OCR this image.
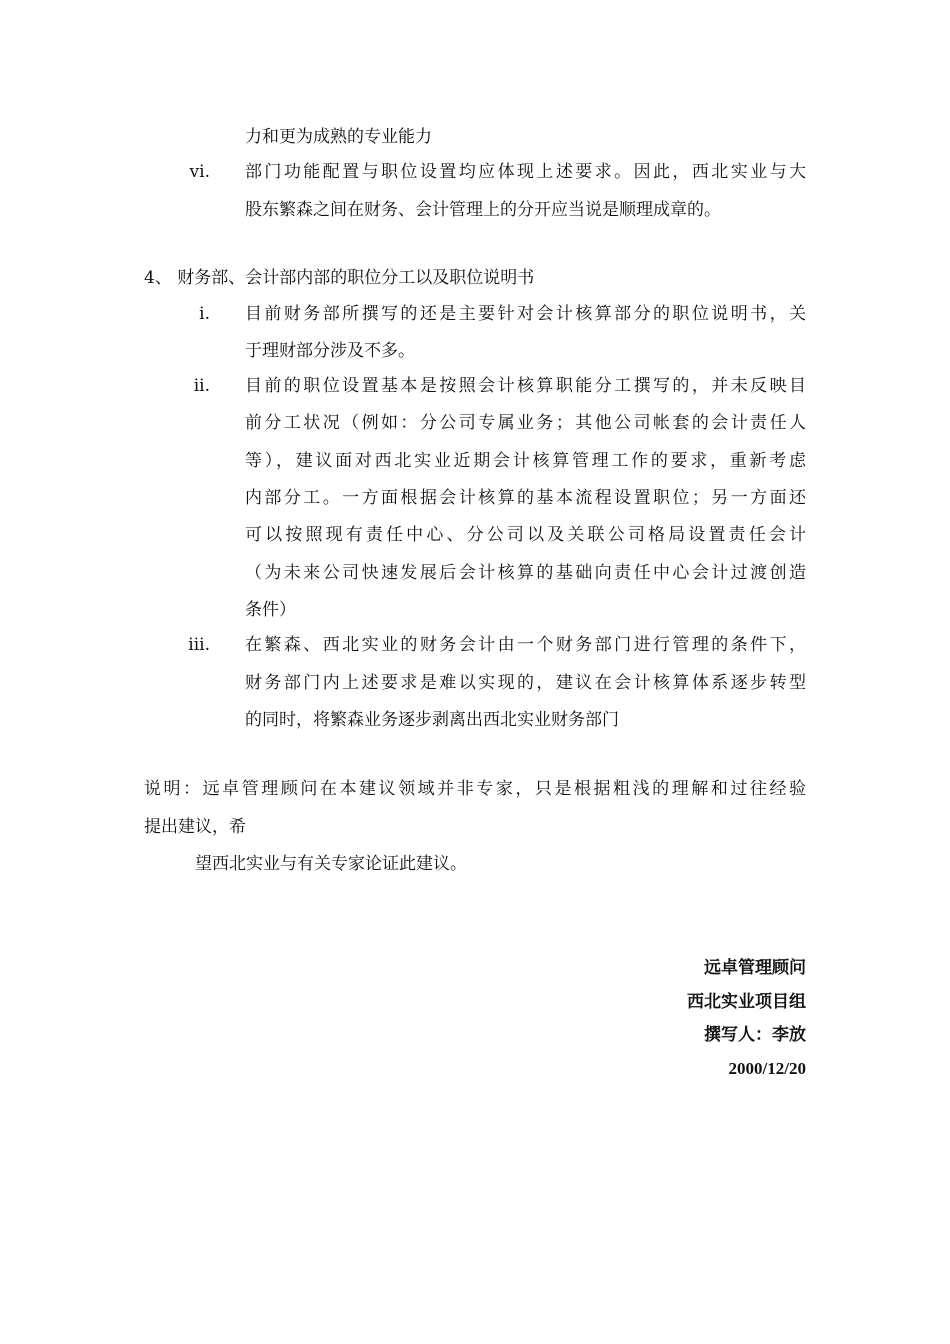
力和更为成熟的专业能力
vi. 部门功能配置与职位设置均应体现上述要求。因此，西北实业与大
股东繁森之间在财务、会计管理上的分开应当说是顺理成章的。
4、 财务部、会计部内部的职位分工以及职位说明书
i. 目前财务部所撰写的还是主要针对会计核算部分的职位说明书，关
于理财部分涉及不多。
ii. 目前的职位设置基本是按照会计核算职能分工撰写的，并未反映目
前分工状况（例如：分公司专属业务；其他公司帐套的会计责任人
等），建议面对西北实业近期会计核算管理工作的要求，重新考虑
内部分工。一方面根据会计核算的基本流程设置职位；另一方面还
可以按照现有责任中心、分公司以及关联公司格局设置责任会计
（为未来公司快速发展后会计核算的基础向责任中心会计过渡创造
条件）
iii. 在繁森、西北实业的财务会计由一个财务部门进行管理的条件下，
财务部门内上述要求是难以实现的，建议在会计核算体系逐步转型
的同时，将繁森业务逐步剥离出西北实业财务部门
说明：远卓管理顾问在本建议领域并非专家，只是根据粗浅的理解和过往经验
提出建议，希
望西北实业与有关专家论证此建议。
远卓管理顾问
西北实业项目组
撰写人：李放
2000/12/20
